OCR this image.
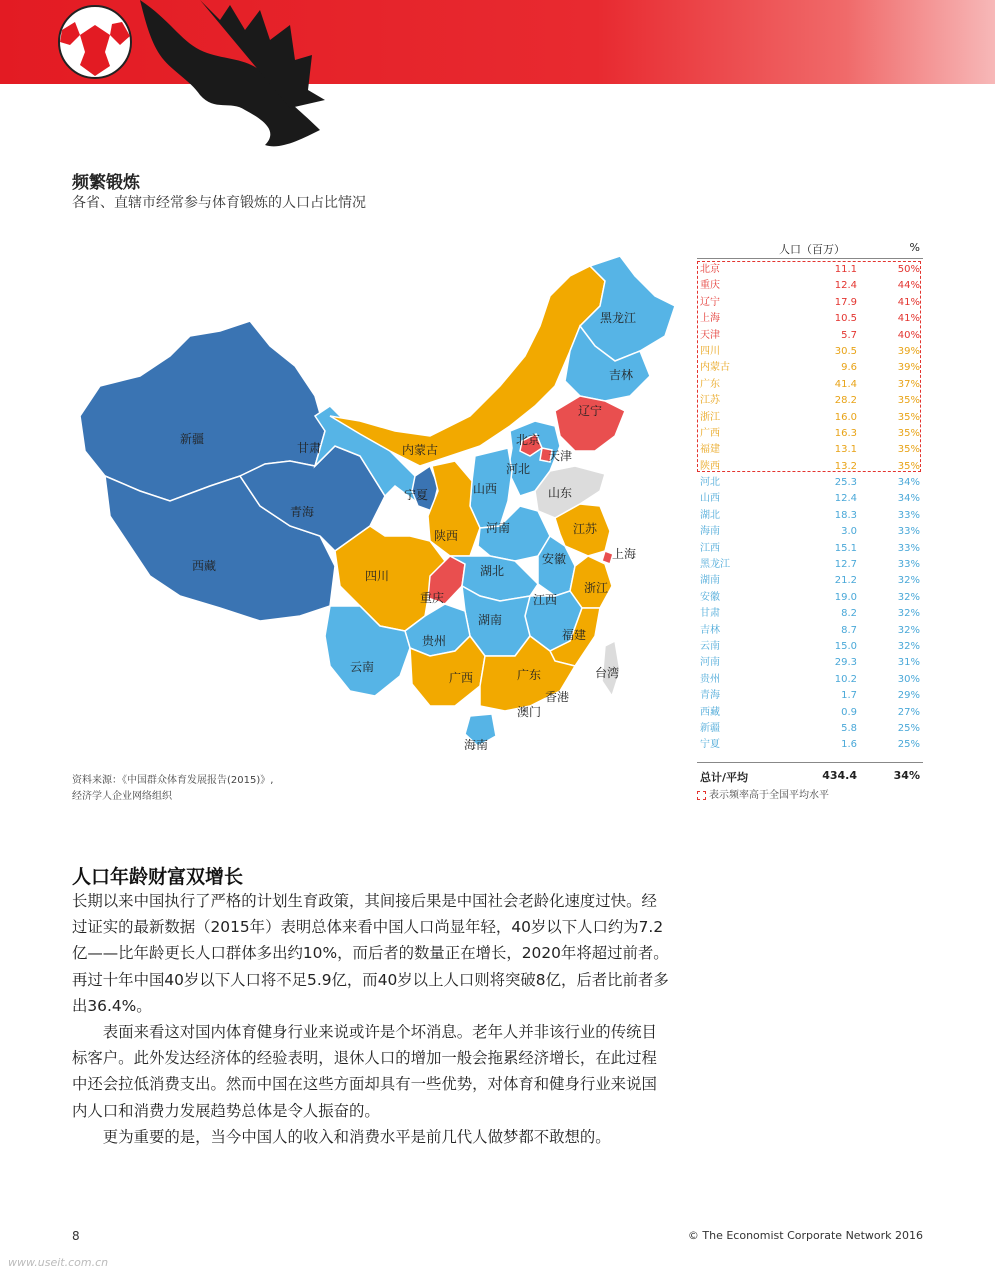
频繁锻炼
各省、直辖市经常参与体育锻炼的人口占比情况
新疆
西藏
青海
甘肃	内蒙古
黑龙江
吉林
辽宁
北京
天津
河北
山西	山东
宁夏
陕西
河南	江苏
上海
安徽
四川
重庆
湖北
浙江
江西
湖南
贵州	福建
云南
广西	广东	台湾
香港
澳门
海南
资料来源：《中国群众体育发展报告(2015)》,
经济学人企业网络组织
人口（百万）	%
北京	11.1	50%
重庆	12.4	44%
辽宁	17.9	41%
上海	10.5	41%
天津	5.7	40%
四川	30.5	39%
内蒙古	9.6	39%
广东	41.4	37%
江苏	28.2	35%
浙江	16.0	35%
广西	16.3	35%
福建	13.1	35%
陕西	13.2	35%
河北	25.3	34%
山西	12.4	34%
湖北	18.3	33%
海南	3.0	33%
江西	15.1	33%
黑龙江	12.7	33%
湖南	21.2	32%
安徽	19.0	32%
甘肃	8.2	32%
吉林	8.7	32%
云南	15.0	32%
河南	29.3	31%
贵州	10.2	30%
青海	1.7	29%
西藏	0.9	27%
新疆	5.8	25%
宁夏	1.6	25%
总计/平均	434.4	34%
表示频率高于全国平均水平
人口年龄财富双增长

长期以来中国执行了严格的计划生育政策，其间接后果是中国社会老龄化速度过快。经过证实的最新数据（2015年）表明总体来看中国人口尚显年轻，40岁以下人口约为7.2亿——比年龄更长人口群体多出约10%，而后者的数量正在增长，2020年将超过前者。再过十年中国40岁以下人口将不足5.9亿，而40岁以上人口则将突破8亿，后者比前者多出36.4%。

表面来看这对国内体育健身行业来说或许是个坏消息。老年人并非该行业的传统目标客户。此外发达经济体的经验表明，退休人口的增加一般会拖累经济增长，在此过程中还会拉低消费支出。然而中国在这些方面却具有一些优势，对体育和健身行业来说国内人口和消费力发展趋势总体是令人振奋的。

更为重要的是，当今中国人的收入和消费水平是前几代人做梦都不敢想的。

8	© The Economist Corporate Network 2016
www.useit.com.cn
